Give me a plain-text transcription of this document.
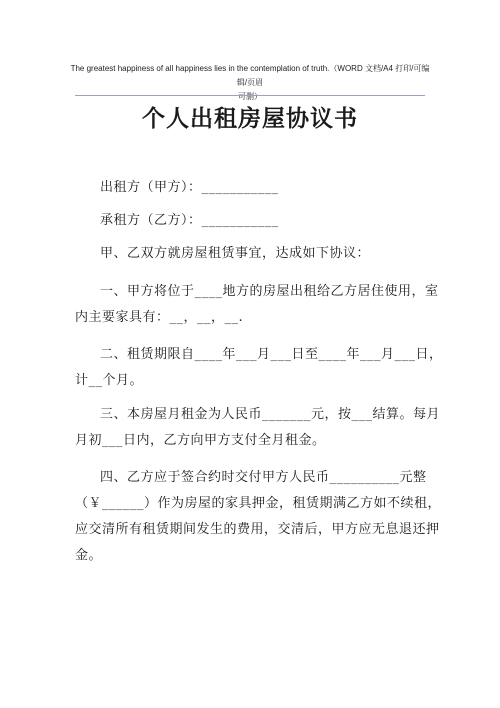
The greatest happiness of all happiness lies in the contemplation of truth.（WORD 文档/A4 打印/可编辑/页眉
可删）
个人出租房屋协议书
出租方（甲方）：___________
承租方（乙方）：___________
甲、乙双方就房屋租赁事宜，达成如下协议：
一、甲方将位于____地方的房屋出租给乙方居住使用，室
内主要家具有：__，__，__.
二、租赁期限自____年___月___日至____年___月___日，
计__个月。
三、本房屋月租金为人民币_______元，按___结算。每月
月初___日内，乙方向甲方支付全月租金。
四、乙方应于签合约时交付甲方人民币__________元整
（￥______）作为房屋的家具押金，租赁期满乙方如不续租，
应交清所有租赁期间发生的费用，交清后，甲方应无息退还押
金。
